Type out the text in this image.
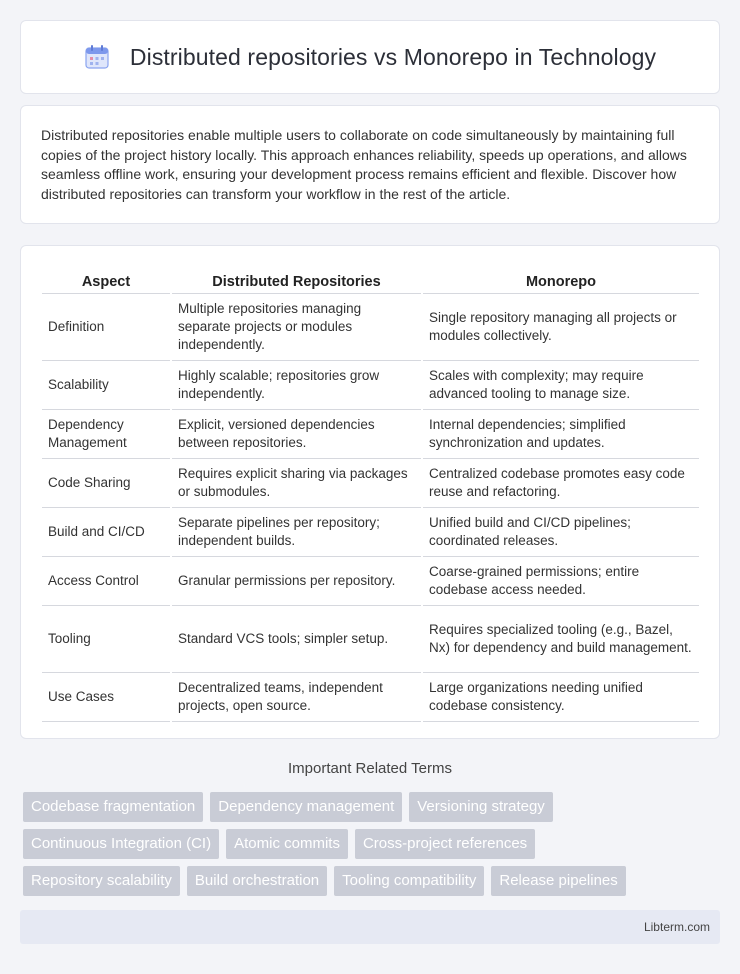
Distributed repositories vs Monorepo in Technology

Distributed repositories enable multiple users to collaborate on code simultaneously by maintaining full copies of the project history locally. This approach enhances reliability, speeds up operations, and allows seamless offline work, ensuring your development process remains efficient and flexible. Discover how distributed repositories can transform your workflow in the rest of the article.

Aspect	Distributed Repositories	Monorepo
Definition	Multiple repositories managing separate projects or modules independently.	Single repository managing all projects or modules collectively.
Scalability	Highly scalable; repositories grow independently.	Scales with complexity; may require advanced tooling to manage size.
Dependency Management	Explicit, versioned dependencies between repositories.	Internal dependencies; simplified synchronization and updates.
Code Sharing	Requires explicit sharing via packages or submodules.	Centralized codebase promotes easy code reuse and refactoring.
Build and CI/CD	Separate pipelines per repository; independent builds.	Unified build and CI/CD pipelines; coordinated releases.
Access Control	Granular permissions per repository.	Coarse-grained permissions; entire codebase access needed.
Tooling	Standard VCS tools; simpler setup.	Requires specialized tooling (e.g., Bazel, Nx) for dependency and build management.
Use Cases	Decentralized teams, independent projects, open source.	Large organizations needing unified codebase consistency.
Important Related Terms
Codebase fragmentation	Dependency management	Versioning strategy
Continuous Integration (CI)	Atomic commits	Cross-project references
Repository scalability	Build orchestration	Tooling compatibility	Release pipelines
Libterm.com
